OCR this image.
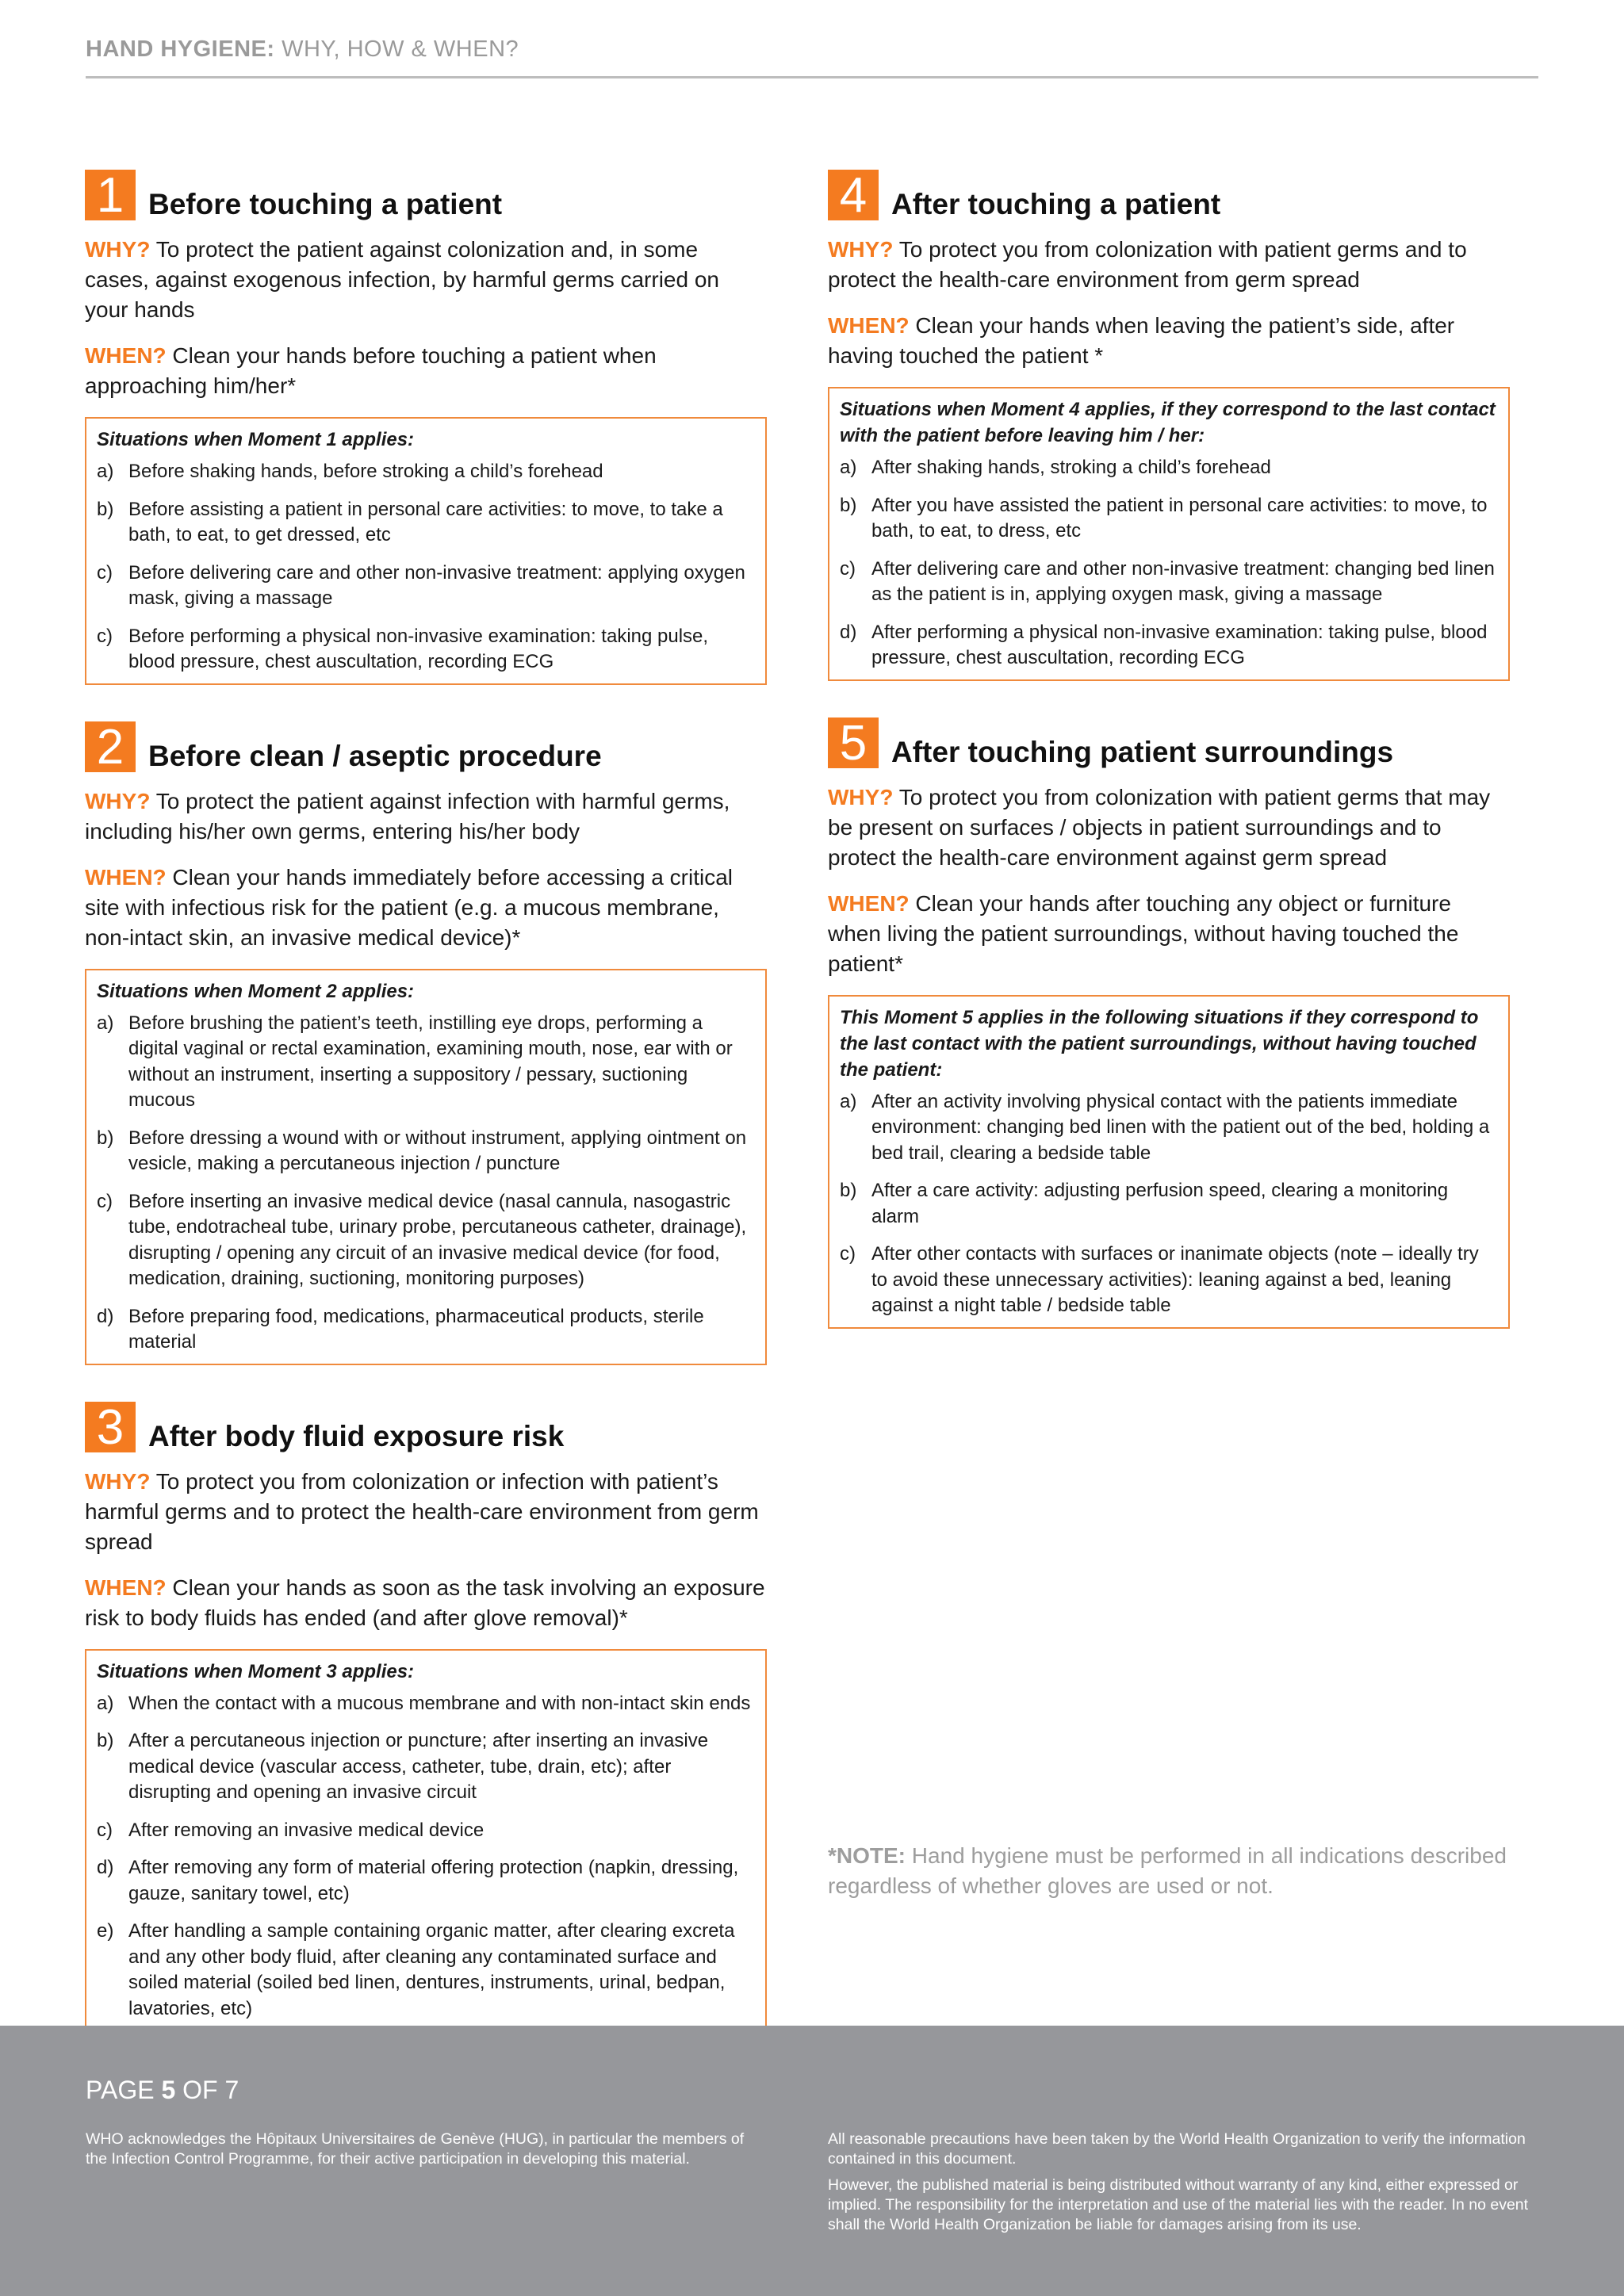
HAND HYGIENE: WHY, HOW & WHEN?
1 Before touching a patient

WHY? To protect the patient against colonization and, in some cases, against exogenous infection, by harmful germs carried on your hands

WHEN? Clean your hands before touching a patient when approaching him/her*

Situations when Moment 1 applies:
a) Before shaking hands, before stroking a child’s forehead
b) Before assisting a patient in personal care activities: to move, to take a bath, to eat, to get dressed, etc
c) Before delivering care and other non-invasive treatment: applying oxygen mask, giving a massage
c) Before performing a physical non-invasive examination: taking pulse, blood pressure, chest auscultation, recording ECG
2 Before clean / aseptic procedure

WHY? To protect the patient against infection with harmful germs, including his/her own germs, entering his/her body

WHEN? Clean your hands immediately before accessing a critical site with infectious risk for the patient (e.g. a mucous membrane, non-intact skin, an invasive medical device)*

Situations when Moment 2 applies:
a) Before brushing the patient’s teeth, instilling eye drops, performing a digital vaginal or rectal examination, examining mouth, nose, ear with or without an instrument, inserting a suppository / pessary, suctioning mucous
b) Before dressing a wound with or without instrument, applying ointment on vesicle, making a percutaneous injection / puncture
c) Before inserting an invasive medical device (nasal cannula, nasogastric tube, endotracheal tube, urinary probe, percutaneous catheter, drainage), disrupting / opening any circuit of an invasive medical device (for food, medication, draining, suctioning, monitoring purposes)
d) Before preparing food, medications, pharmaceutical products, sterile material
3 After body fluid exposure risk

WHY? To protect you from colonization or infection with patient’s harmful germs and to protect the health-care environment from germ spread

WHEN? Clean your hands as soon as the task involving an exposure risk to body fluids has ended (and after glove removal)*

Situations when Moment 3 applies:
a) When the contact with a mucous membrane and with non-intact skin ends
b) After a percutaneous injection or puncture; after inserting an invasive medical device (vascular access, catheter, tube, drain, etc); after disrupting and opening an invasive circuit
c) After removing an invasive medical device
d) After removing any form of material offering protection (napkin, dressing, gauze, sanitary towel, etc)
e) After handling a sample containing organic matter, after clearing excreta and any other body fluid, after cleaning any contaminated surface and soiled material (soiled bed linen, dentures, instruments, urinal, bedpan, lavatories, etc)
4 After touching a patient

WHY? To protect you from colonization with patient germs and to protect the health-care environment from germ spread

WHEN? Clean your hands when leaving the patient’s side, after having touched the patient *

Situations when Moment 4 applies, if they correspond to the last contact with the patient before leaving him / her:
a) After shaking hands, stroking a child’s forehead
b) After you have assisted the patient in personal care activities: to move, to bath, to eat, to dress, etc
c) After delivering care and other non-invasive treatment: changing bed linen as the patient is in, applying oxygen mask, giving a massage
d) After performing a physical non-invasive examination: taking pulse, blood pressure, chest auscultation, recording ECG
5 After touching patient surroundings

WHY? To protect you from colonization with patient germs that may be present on surfaces / objects in patient surroundings and to protect the health-care environment against germ spread

WHEN? Clean your hands after touching any object or furniture when living the patient surroundings, without having touched the patient*

This Moment 5 applies in the following situations if they correspond to the last contact with the patient surroundings, without having touched the patient:
a) After an activity involving physical contact with the patients immediate environment: changing bed linen with the patient out of the bed, holding a bed trail, clearing a bedside table
b) After a care activity: adjusting perfusion speed, clearing a monitoring alarm
c) After other contacts with surfaces or inanimate objects (note – ideally try to avoid these unnecessary activities): leaning against a bed, leaning against a night table / bedside table
*NOTE: Hand hygiene must be performed in all indications described regardless of whether gloves are used or not.
PAGE 5 OF 7

WHO acknowledges the Hôpitaux Universitaires de Genève (HUG), in particular the members of the Infection Control Programme, for their active participation in developing this material.

All reasonable precautions have been taken by the World Health Organization to verify the information contained in this document.

However, the published material is being distributed without warranty of any kind, either expressed or implied. The responsibility for the interpretation and use of the material lies with the reader. In no event shall the World Health Organization be liable for damages arising from its use.
